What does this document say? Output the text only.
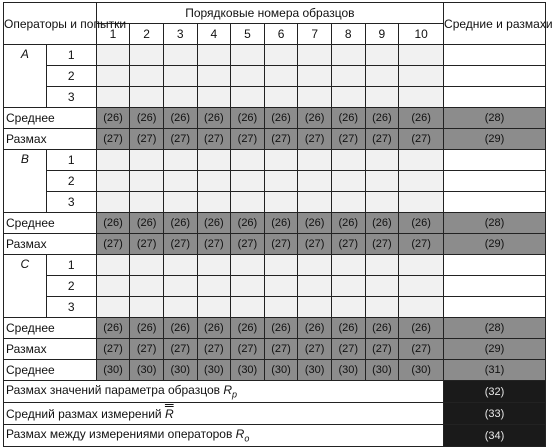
Операторы и попытки		Порядковые номера образцов										Средние и размахи
		1	2	3	4	5	6	7	8	9	10	
A	1											
	2											
	3											
Среднее		(26)	(26)	(26)	(26)	(26)	(26)	(26)	(26)	(26)	(26)	(28)
Размах		(27)	(27)	(27)	(27)	(27)	(27)	(27)	(27)	(27)	(27)	(29)
B	1											
	2											
	3											
Среднее		(26)	(26)	(26)	(26)	(26)	(26)	(26)	(26)	(26)	(26)	(28)
Размах		(27)	(27)	(27)	(27)	(27)	(27)	(27)	(27)	(27)	(27)	(29)
C	1											
	2											
	3											
Среднее		(26)	(26)	(26)	(26)	(26)	(26)	(26)	(26)	(26)	(26)	(28)
Размах		(27)	(27)	(27)	(27)	(27)	(27)	(27)	(27)	(27)	(27)	(29)
Среднее		(30)	(30)	(30)	(30)	(30)	(30)	(30)	(30)	(30)	(30)	(31)
Размах значений параметра образцов $R_p$												(32)
Средний размах измерений R												(33)
Размах между измерениями операторов $R_o$												(34)
